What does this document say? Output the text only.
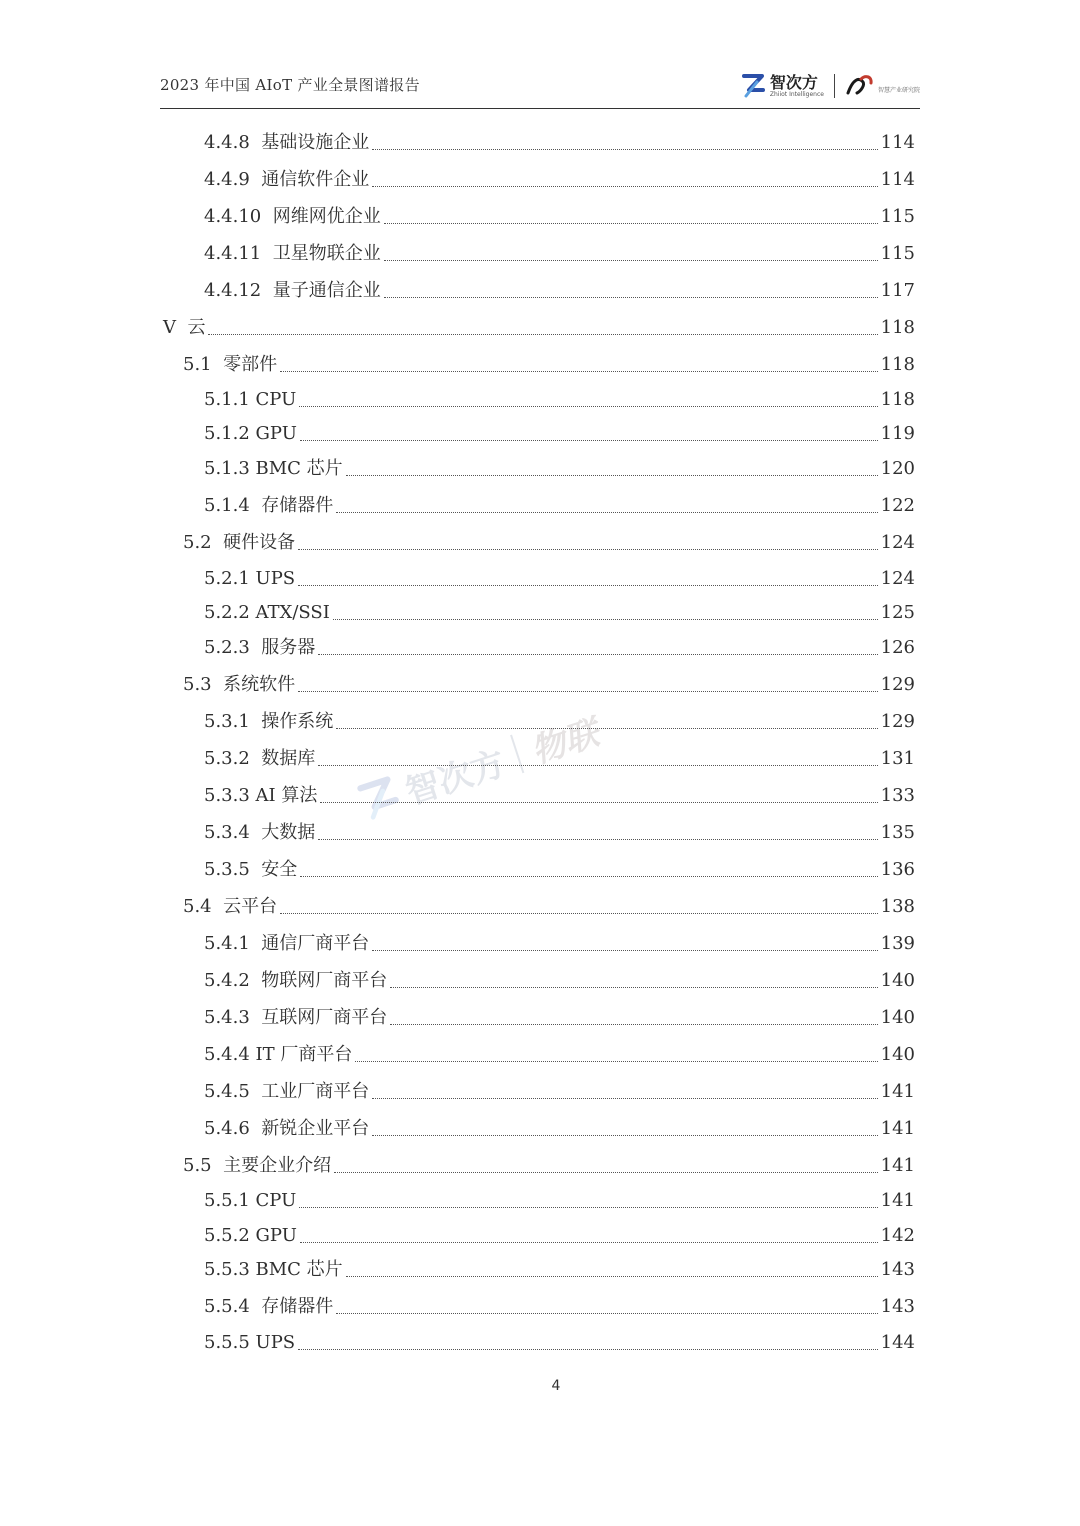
2023 年中国 AIoT 产业全景图谱报告	智次方
Zhiiot Intelligence
智慧产业研究院
智次方
物联
4.4.8  基础设施企业	114
4.4.9  通信软件企业	114
4.4.10  网维网优企业	115
4.4.11  卫星物联企业	115
4.4.12  量子通信企业	117
V  云	118
5.1  零部件	118
5.1.1 CPU	118
5.1.2 GPU	119
5.1.3 BMC 芯片	120
5.1.4  存储器件	122
5.2  硬件设备	124
5.2.1 UPS	124
5.2.2 ATX/SSI	125
5.2.3  服务器	126
5.3  系统软件	129
5.3.1  操作系统	129
5.3.2  数据库	131
5.3.3 AI 算法	133
5.3.4  大数据	135
5.3.5  安全	136
5.4  云平台	138
5.4.1  通信厂商平台	139
5.4.2  物联网厂商平台	140
5.4.3  互联网厂商平台	140
5.4.4 IT 厂商平台	140
5.4.5  工业厂商平台	141
5.4.6  新锐企业平台	141
5.5  主要企业介绍	141
5.5.1 CPU	141
5.5.2 GPU	142
5.5.3 BMC 芯片	143
5.5.4  存储器件	143
5.5.5 UPS	144
4
